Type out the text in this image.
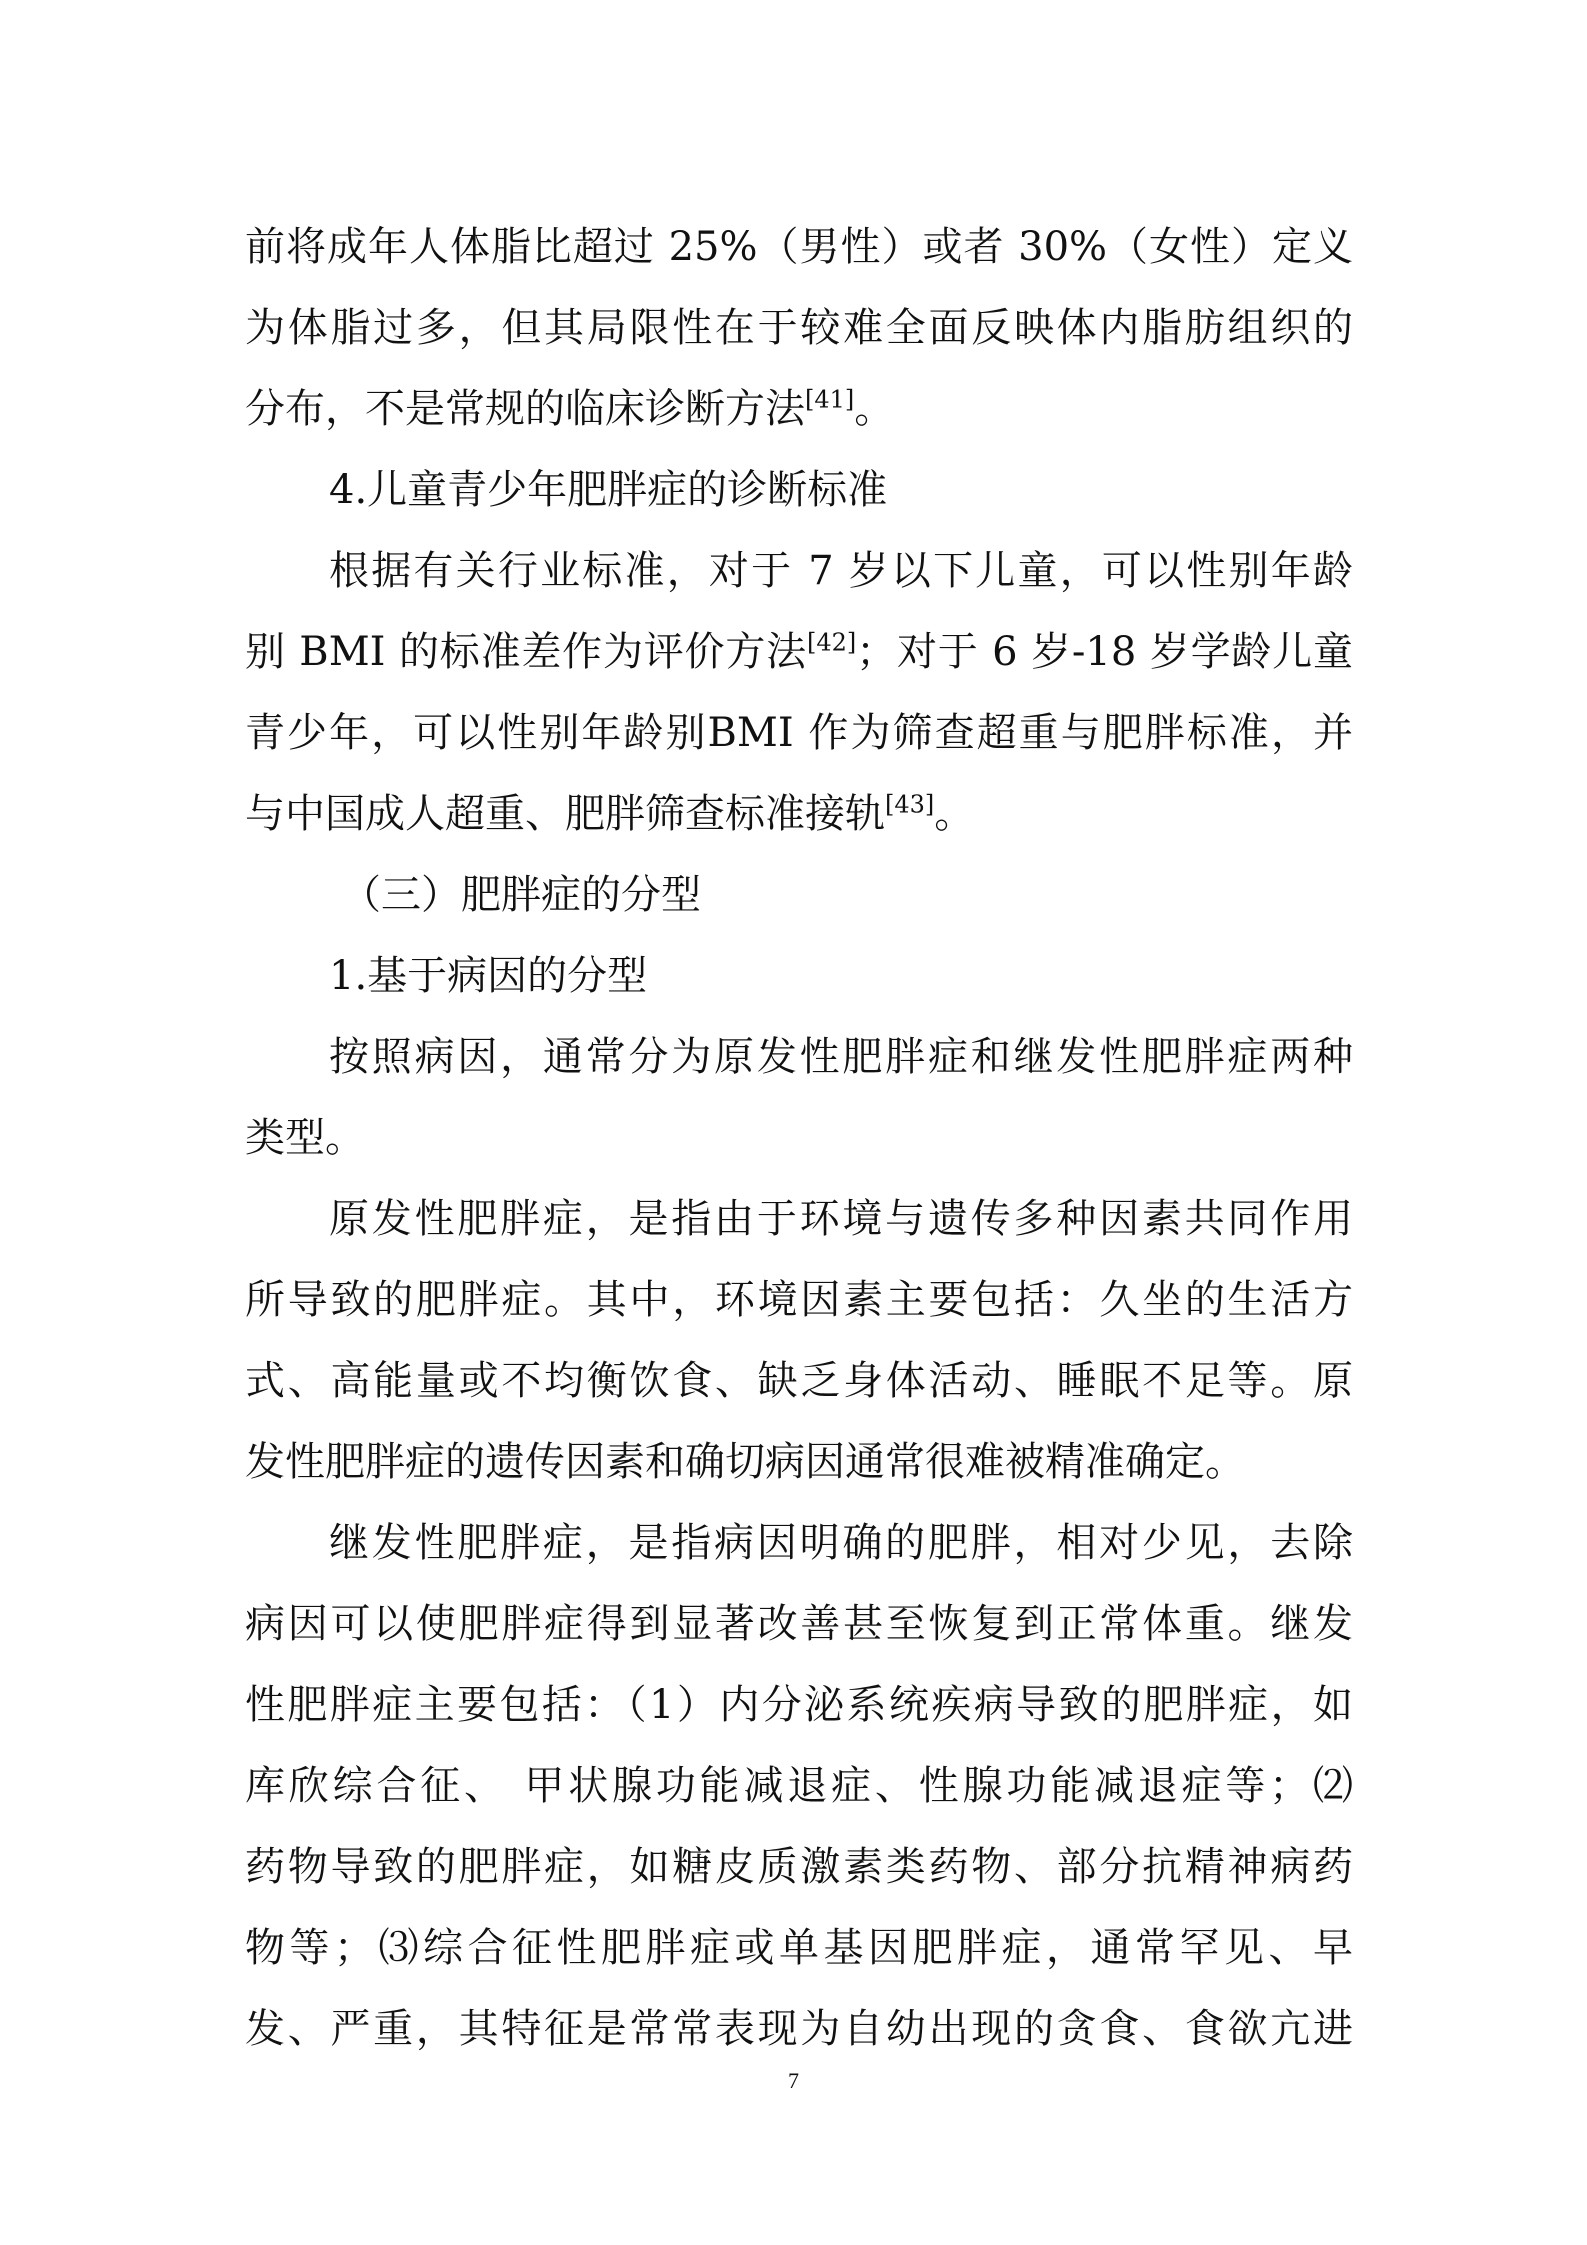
前将成年人体脂比超过 25%（男性）或者 30%（女性）定义
为体脂过多，但其局限性在于较难全面反映体内脂肪组织的
分布，不是常规的临床诊断方法[41]。
4.儿童青少年肥胖症的诊断标准
根据有关行业标准，对于 7 岁以下儿童，可以性别年龄
别 BMI 的标准差作为评价方法[42]；对于 6 岁-18 岁学龄儿童
青少年，可以性别年龄别BMI 作为筛查超重与肥胖标准，并
与中国成人超重、肥胖筛查标准接轨[43]。
（三）肥胖症的分型
1.基于病因的分型
按照病因，通常分为原发性肥胖症和继发性肥胖症两种
类型。
原发性肥胖症，是指由于环境与遗传多种因素共同作用
所导致的肥胖症。其中，环境因素主要包括：久坐的生活方
式、高能量或不均衡饮食、缺乏身体活动、睡眠不足等。原
发性肥胖症的遗传因素和确切病因通常很难被精准确定。
继发性肥胖症，是指病因明确的肥胖，相对少见，去除
病因可以使肥胖症得到显著改善甚至恢复到正常体重。继发
性肥胖症主要包括：（1）内分泌系统疾病导致的肥胖症，如
库欣综合征、 甲状腺功能减退症、性腺功能减退症等；⑵
药物导致的肥胖症，如糖皮质激素类药物、部分抗精神病药
物等；⑶综合征性肥胖症或单基因肥胖症，通常罕见、早
发、严重，其特征是常常表现为自幼出现的贪食、食欲亢进
7
